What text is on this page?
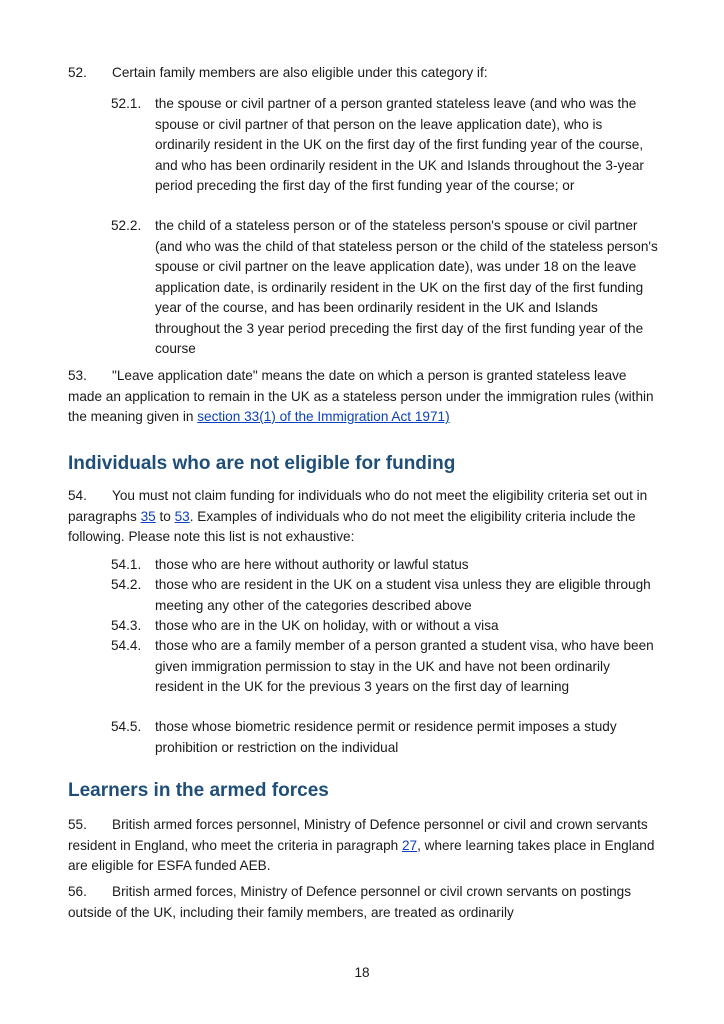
52. Certain family members are also eligible under this category if:

52.1.	the spouse or civil partner of a person granted stateless leave (and who was the spouse or civil partner of that person on the leave application date), who is ordinarily resident in the UK on the first day of the first funding year of the course, and who has been ordinarily resident in the UK and Islands throughout the 3-year period preceding the first day of the first funding year of the course; or
52.2.	the child of a stateless person or of the stateless person's spouse or civil partner (and who was the child of that stateless person or the child of the stateless person's spouse or civil partner on the leave application date), was under 18 on the leave application date, is ordinarily resident in the UK on the first day of the first funding year of the course, and has been ordinarily resident in the UK and Islands throughout the 3 year period preceding the first day of the first funding year of the course

53. "Leave application date" means the date on which a person is granted stateless leave made an application to remain in the UK as a stateless person under the immigration rules (within the meaning given in section 33(1) of the Immigration Act 1971)

Individuals who are not eligible for funding

54. You must not claim funding for individuals who do not meet the eligibility criteria set out in paragraphs 35 to 53. Examples of individuals who do not meet the eligibility criteria include the following. Please note this list is not exhaustive:

54.1.	those who are here without authority or lawful status
54.2.	those who are resident in the UK on a student visa unless they are eligible through meeting any other of the categories described above
54.3.	those who are in the UK on holiday, with or without a visa
54.4.	those who are a family member of a person granted a student visa, who have been given immigration permission to stay in the UK and have not been ordinarily resident in the UK for the previous 3 years on the first day of learning
54.5.	those whose biometric residence permit or residence permit imposes a study prohibition or restriction on the individual
Learners in the armed forces

55. British armed forces personnel, Ministry of Defence personnel or civil and crown servants resident in England, who meet the criteria in paragraph 27, where learning takes place in England are eligible for ESFA funded AEB.

56. British armed forces, Ministry of Defence personnel or civil crown servants on postings outside of the UK, including their family members, are treated as ordinarily

18
